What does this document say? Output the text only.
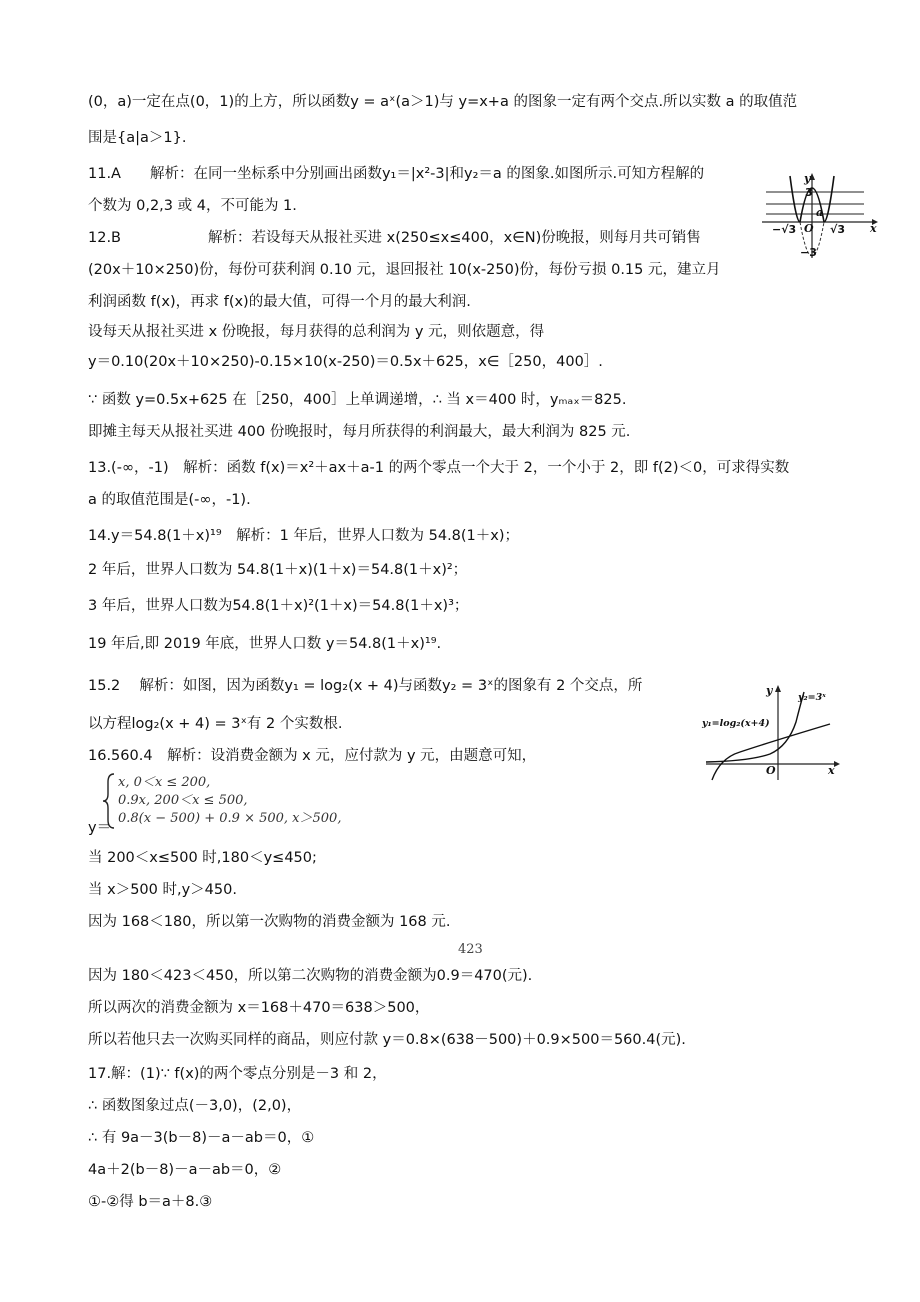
(0，a)一定在点(0，1)的上方，所以函数y = aˣ(a＞1)与 y=x+a 的图象一定有两个交点.所以实数 a 的取值范
围是{a|a＞1}.
11.A　　解析：在同一坐标系中分别画出函数y₁＝|x²-3|和y₂＝a 的图象.如图所示.可知方程解的
个数为 0,2,3 或 4，不可能为 1.
12.B　　　　　　解析：若设每天从报社买进 x(250≤x≤400，x∈N)份晚报，则每月共可销售
(20x＋10×250)份，每份可获利润 0.10 元，退回报社 10(x-250)份，每份亏损 0.15 元，建立月
利润函数 f(x)，再求 f(x)的最大值，可得一个月的最大利润.
设每天从报社买进 x 份晚报，每月获得的总利润为 y 元，则依题意，得
y＝0.10(20x＋10×250)-0.15×10(x-250)＝0.5x＋625，x∈［250，400］.
∵ 函数 y=0.5x+625 在［250，400］上单调递增，∴ 当 x＝400 时，yₘₐₓ＝825.
即摊主每天从报社买进 400 份晚报时，每月所获得的利润最大，最大利润为 825 元.
13.(-∞，-1)　解析：函数 f(x)＝x²＋ax＋a-1 的两个零点一个大于 2，一个小于 2，即 f(2)＜0，可求得实数
a 的取值范围是(-∞，-1).
14.y＝54.8(1＋x)¹⁹　解析：1 年后，世界人口数为 54.8(1＋x)；
2 年后，世界人口数为 54.8(1＋x)(1＋x)＝54.8(1＋x)²；
3 年后，世界人口数为54.8(1＋x)²(1＋x)＝54.8(1＋x)³；
19 年后,即 2019 年底，世界人口数 y＝54.8(1＋x)¹⁹.
15.2　 解析：如图，因为函数y₁ = log₂(x + 4)与函数y₂ = 3ˣ的图象有 2 个交点，所
以方程log₂(x + 4) = 3ˣ有 2 个实数根.
16.560.4　解析：设消费金额为 x 元，应付款为 y 元，由题意可知，
x, 0＜x ≤ 200,
0.9x, 200＜x ≤ 500,
0.8(x − 500) + 0.9 × 500, x＞500,
y＝
当 200＜x≤500 时,180＜y≤450;
当 x＞500 时,y＞450.
因为 168＜180，所以第一次购物的消费金额为 168 元.
423
因为 180＜423＜450，所以第二次购物的消费金额为0.9＝470(元).
所以两次的消费金额为 x＝168＋470＝638＞500，
所以若他只去一次购买同样的商品，则应付款 y＝0.8×(638－500)＋0.9×500＝560.4(元).
17.解：(1)∵ f(x)的两个零点分别是－3 和 2，
∴ 函数图象过点(－3,0)，(2,0)，
∴ 有 9a－3(b－8)－a－ab＝0，①
4a＋2(b－8)－a－ab＝0，②
①-②得 b＝a＋8.③
y
x
O
3
−3
−√3	√3
a
y
x
O
y₁=log₂(x+4)
y₂=3ˣ
